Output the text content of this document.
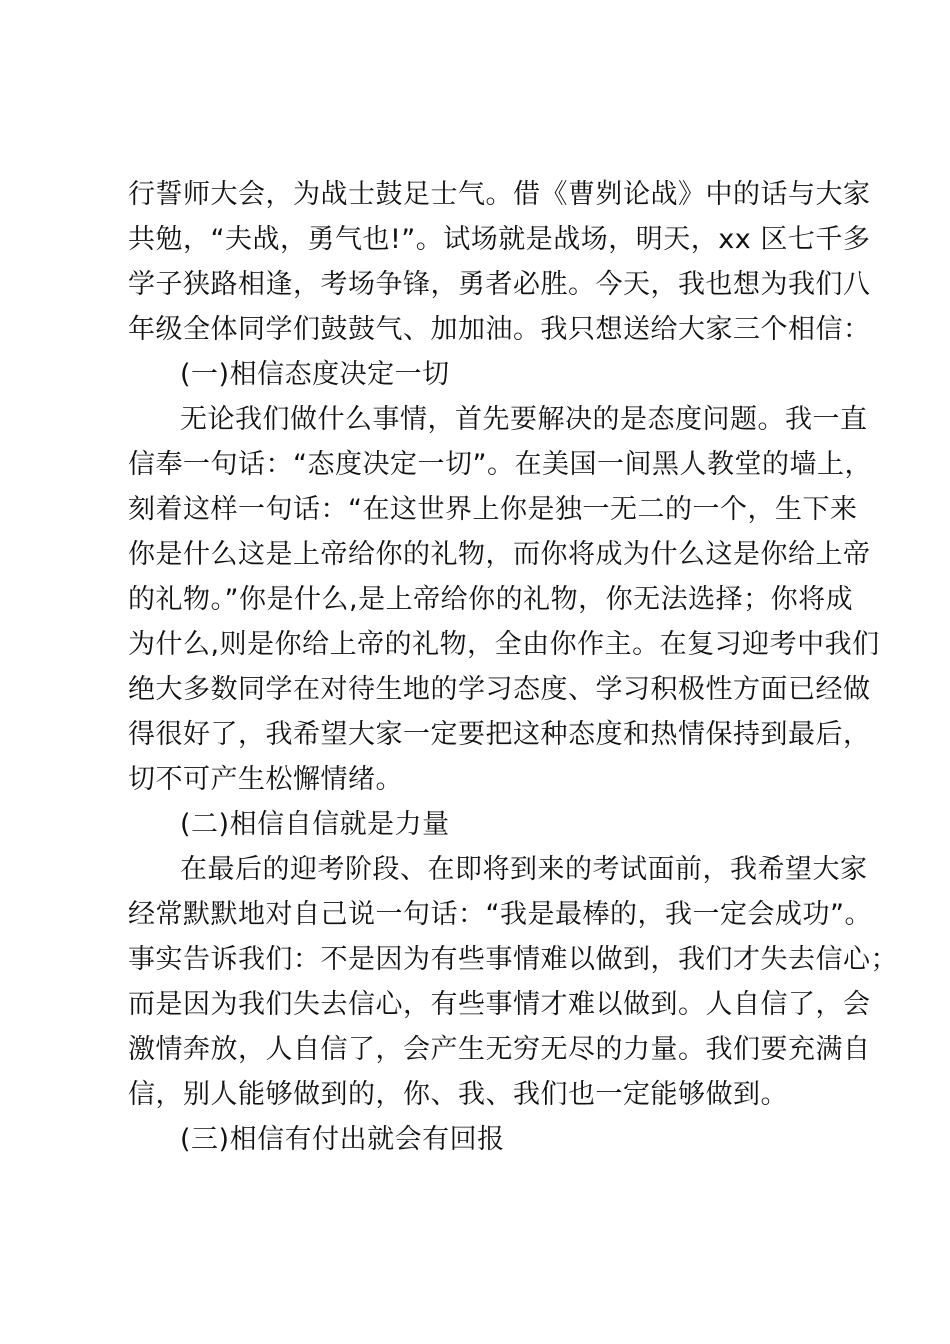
行誓师大会，为战士鼓足士气。借《曹刿论战》中的话与大家
共勉，“夫战，勇气也!”。试场就是战场，明天，xx 区七千多
学子狭路相逢，考场争锋，勇者必胜。今天，我也想为我们八
年级全体同学们鼓鼓气、加加油。我只想送给大家三个相信：
(一)相信态度决定一切
无论我们做什么事情，首先要解决的是态度问题。我一直
信奉一句话：“态度决定一切”。在美国一间黑人教堂的墙上，
刻着这样一句话：“在这世界上你是独一无二的一个，生下来
你是什么这是上帝给你的礼物，而你将成为什么这是你给上帝
的礼物。”你是什么,是上帝给你的礼物，你无法选择；你将成
为什么,则是你给上帝的礼物，全由你作主。在复习迎考中我们
绝大多数同学在对待生地的学习态度、学习积极性方面已经做
得很好了，我希望大家一定要把这种态度和热情保持到最后，
切不可产生松懈情绪。
(二)相信自信就是力量
在最后的迎考阶段、在即将到来的考试面前，我希望大家
经常默默地对自己说一句话：“我是最棒的，我一定会成功”。
事实告诉我们：不是因为有些事情难以做到，我们才失去信心；
而是因为我们失去信心，有些事情才难以做到。人自信了，会
激情奔放，人自信了，会产生无穷无尽的力量。我们要充满自
信，别人能够做到的，你、我、我们也一定能够做到。
(三)相信有付出就会有回报
